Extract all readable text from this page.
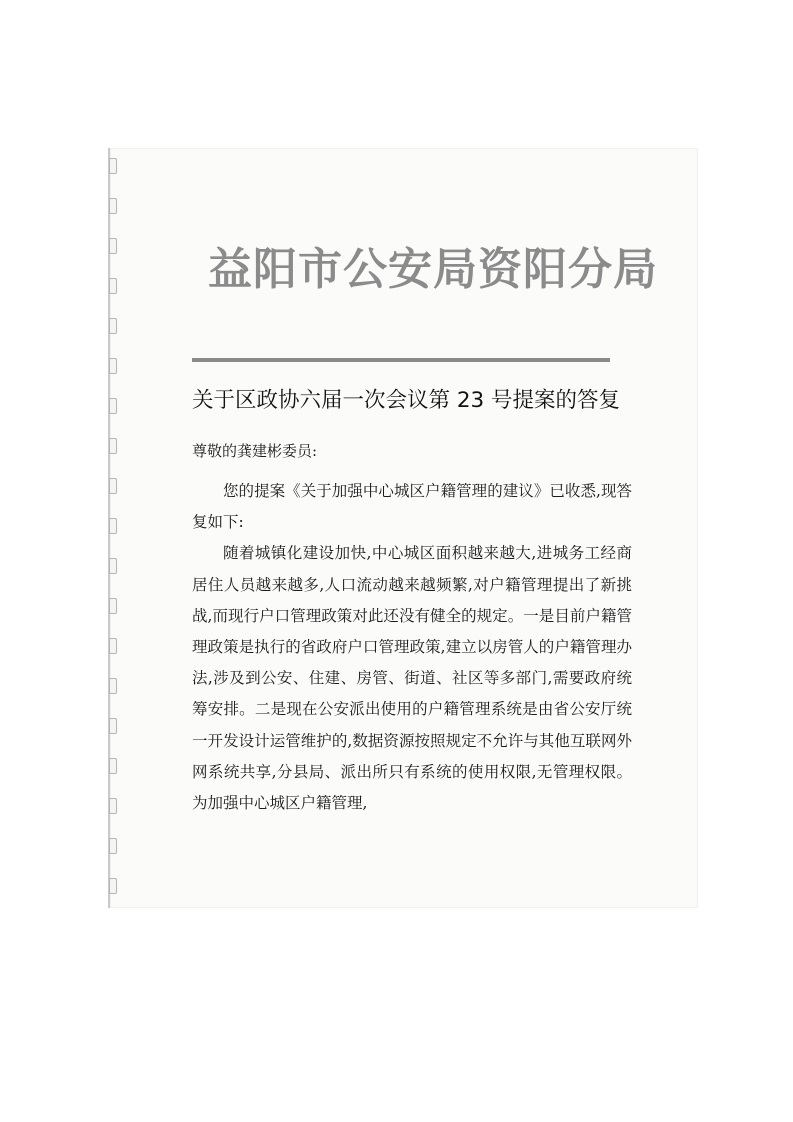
益阳市公安局资阳分局
关于区政协六届一次会议第 23 号提案的答复
尊敬的龚建彬委员:

您的提案《关于加强中心城区户籍管理的建议》已收悉,现答复如下:

随着城镇化建设加快,中心城区面积越来越大,进城务工经商居住人员越来越多,人口流动越来越频繁,对户籍管理提出了新挑战,而现行户口管理政策对此还没有健全的规定。一是目前户籍管理政策是执行的省政府户口管理政策,建立以房管人的户籍管理办法,涉及到公安、住建、房管、街道、社区等多部门,需要政府统筹安排。二是现在公安派出使用的户籍管理系统是由省公安厅统一开发设计运管维护的,数据资源按照规定不允许与其他互联网外网系统共享,分县局、派出所只有系统的使用权限,无管理权限。为加强中心城区户籍管理,
